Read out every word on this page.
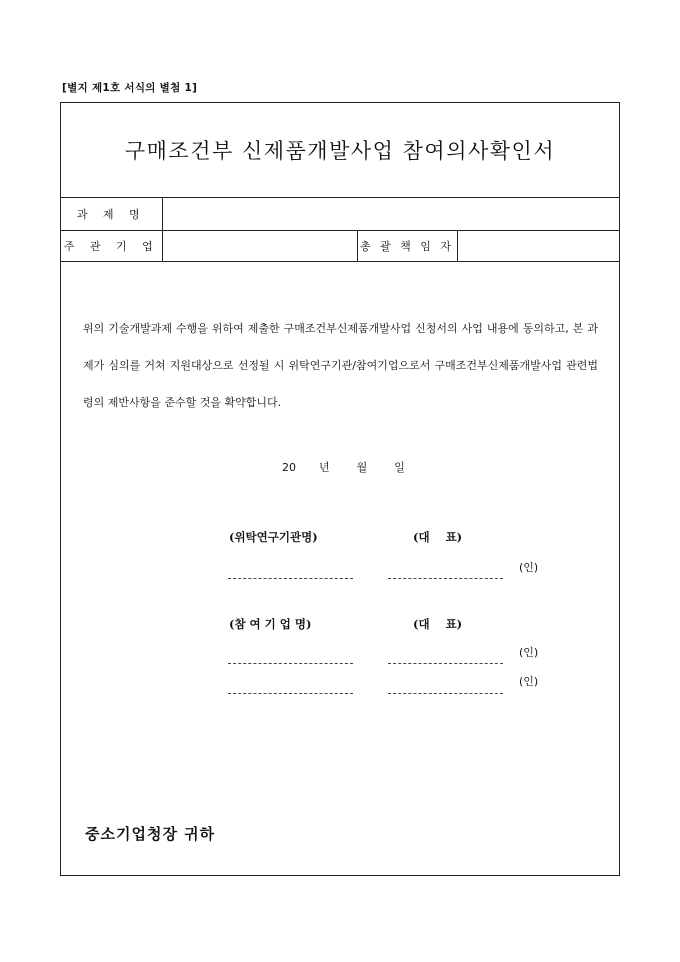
[별지 제1호 서식의 별첨 1]
구매조건부 신제품개발사업 참여의사확인서
과 제 명			
주 관 기 업		총 괄 책 임 자	
위의 기술개발과제 수행을 위하여 제출한 구매조건부신제품개발사업 신청서의 사업 내용에 동의하고, 본 과제가 심의를 거쳐 지원대상으로 선정될 시 위탁연구기관/참여기업으로서 구매조건부신제품개발사업 관련법령의 제반사항을 준수할 것을 확약합니다.
20 년 월 일
(위탁연구기관명)	(대    표)
(인)
(참 여 기 업 명)	(대    표)
(인)
(인)
중소기업청장 귀하
